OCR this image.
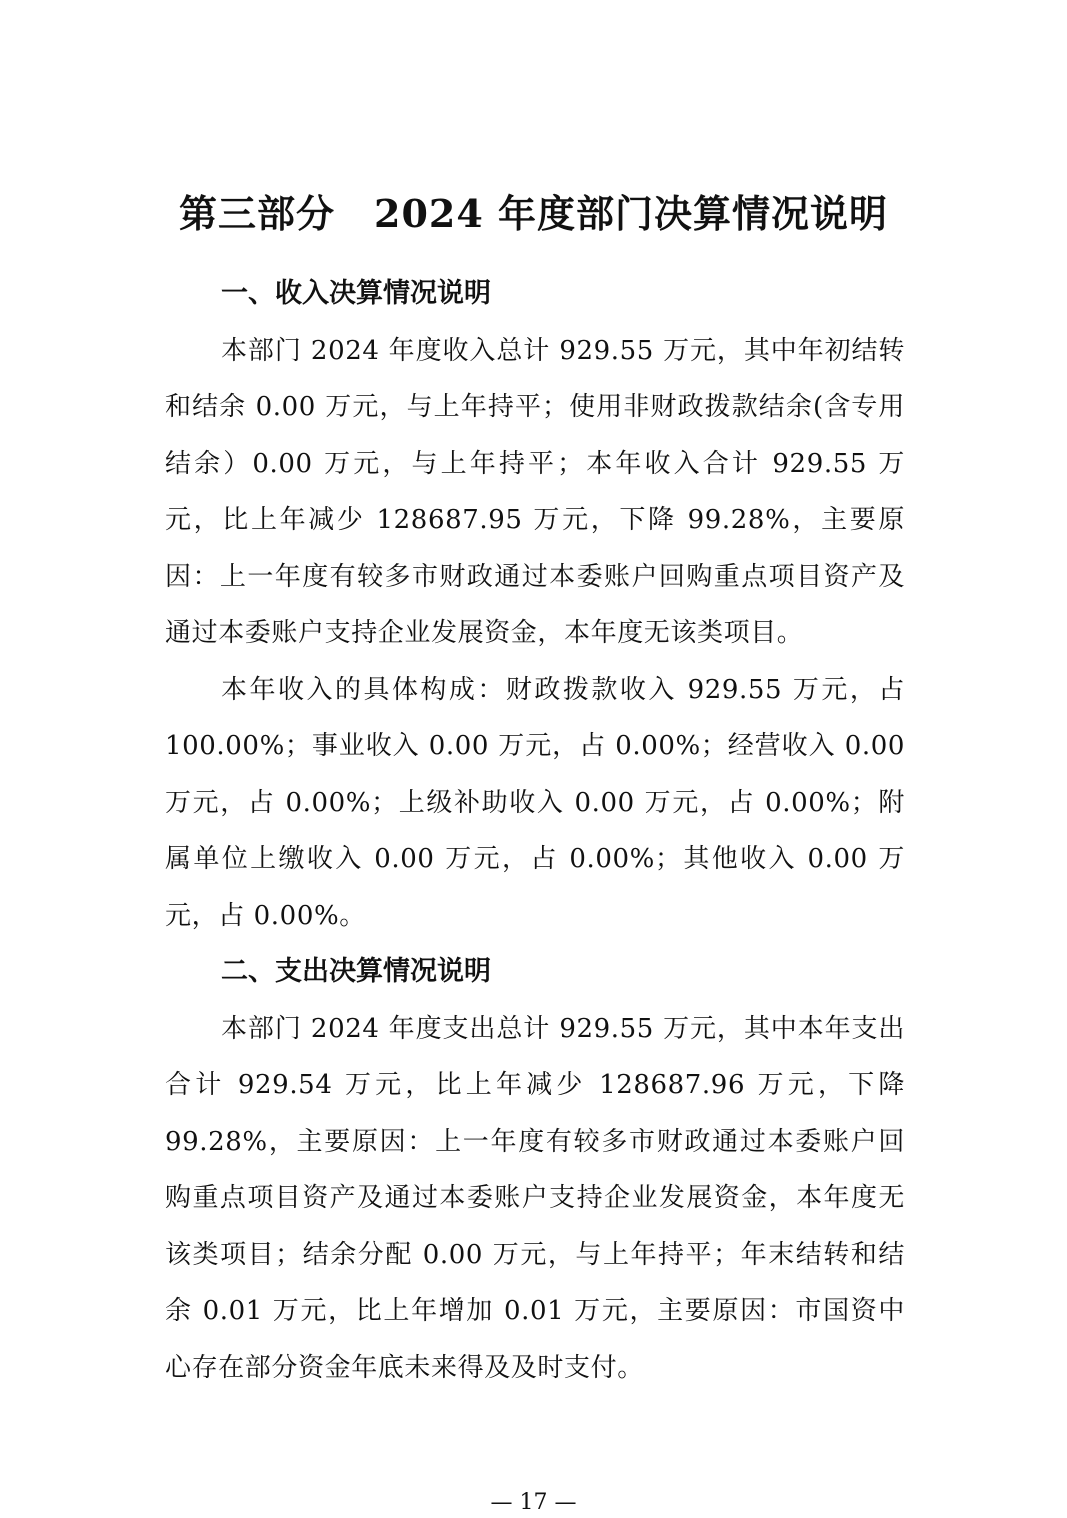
第三部分　2024 年度部门决算情况说明

一、收入决算情况说明

本部门 2024 年度收入总计 929.55 万元，其中年初结转和结余 0.00 万元，与上年持平；使用非财政拨款结余(含专用结余）0.00 万元，与上年持平；本年收入合计 929.55 万元，比上年减少 128687.95 万元，下降 99.28%，主要原因：上一年度有较多市财政通过本委账户回购重点项目资产及通过本委账户支持企业发展资金，本年度无该类项目。

本年收入的具体构成：财政拨款收入 929.55 万元，占 100.00%；事业收入 0.00 万元，占 0.00%；经营收入 0.00 万元，占 0.00%；上级补助收入 0.00 万元，占 0.00%；附属单位上缴收入 0.00 万元，占 0.00%；其他收入 0.00 万元，占 0.00%。

二、支出决算情况说明

本部门 2024 年度支出总计 929.55 万元，其中本年支出合计 929.54 万元，比上年减少 128687.96 万元，下降 99.28%，主要原因：上一年度有较多市财政通过本委账户回购重点项目资产及通过本委账户支持企业发展资金，本年度无该类项目；结余分配 0.00 万元，与上年持平；年末结转和结余 0.01 万元，比上年增加 0.01 万元，主要原因：市国资中心存在部分资金年底未来得及及时支付。

— 17 —
